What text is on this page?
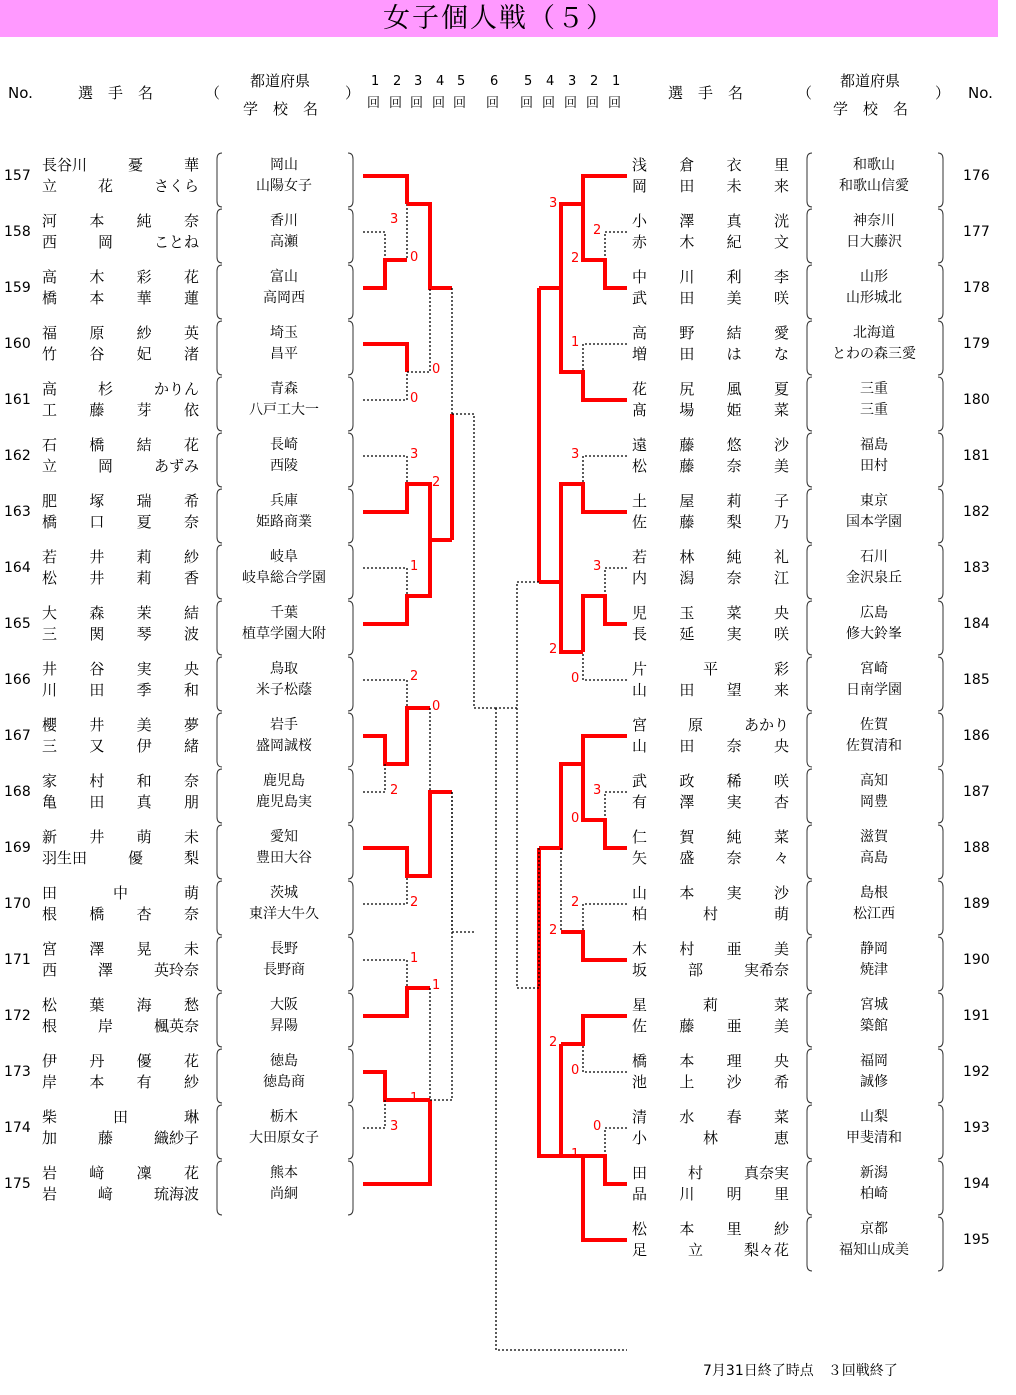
女子個人戦（５）
No.	選　手　名	（
都道府県
学　校　名
）
1
回
2
回
3
回
4
回
5
回
6
回
5
回
4
回
3
回
2
回
1
回
選　手　名	（
都道府県
学　校　名
） No.
157
長谷川	憂	華
立	花	さくら
岡山
山陽女子
158
河 本 純 奈
西	岡	ことね
香川
高瀬
159
高 木 彩 花
橋 本 華 蓮
富山
高岡西
160
福 原 紗 英
竹 谷 妃 渚
埼玉
昌平
161
高	杉	かりん
工 藤 芽 依
青森
八戸工大一
162
石 橋 結 花
立	岡	あずみ
長崎
西陵
163
肥 塚 瑞 希
橋 口 夏 奈
兵庫
姫路商業
164
若 井 莉 紗
松 井 莉 香
岐阜
岐阜総合学園
165
大 森 茉 結
三 関 琴 波
千葉
植草学園大附
166
井 谷 実 央
川 田 季 和
鳥取
米子松蔭
167
櫻 井 美 夢
三 又 伊 緒
岩手
盛岡誠桜
168
家 村 和 奈
亀 田 真 朋
鹿児島
鹿児島実
169
新 井 萌 未
羽生田	優	梨
愛知
豊田大谷
170
田	中	萌
根 橋 杏 奈
茨城
東洋大牛久
171
宮 澤 晃 未
西	澤	英玲奈
長野
長野商
172
松 葉 海 愁
根	岸	楓英奈
大阪
昇陽
173
伊 丹 優 花
岸 本 有 紗
徳島
徳島商
174
柴	田	琳
加	藤	織紗子
栃木
大田原女子
175
岩 﨑 凜 花
岩	﨑	琉海波
熊本
尚絅
浅 倉 衣 里
岡 田 未 来
和歌山
和歌山信愛
176
小 澤 真 洸
赤 木 紀 文
神奈川
日大藤沢
177
中 川 利 李
武 田 美 咲
山形
山形城北
178
高 野 結 愛
増 田 は な
北海道
とわの森三愛
179
花 尻 風 夏
髙 場 姫 菜
三重
三重
180
遠 藤 悠 沙
松 藤 奈 美
福島
田村
181
土 屋 莉 子
佐 藤 梨 乃
東京
国本学園
182
若 林 純 礼
内 潟 奈 江
石川
金沢泉丘
183
児 玉 菜 央
長 延 実 咲
広島
修大鈴峯
184
片	平	彩
山 田 望 来
宮崎
日南学園
185
宮	原	あかり
山 田 奈 央
佐賀
佐賀清和
186
武 政 稀 咲
有 澤 実 杏
高知
岡豊
187
仁 賀 純 菜
矢 盛 奈 々
滋賀
高島
188
山 本 実 沙
柏	村	萌
島根
松江西
189
木 村 亜 美
坂	部	実希奈
静岡
焼津
190
星	莉	菜
佐 藤 亜 美
宮城
築館
191
橋 本 理 央
池 上 沙 希
福岡
誠修
192
清 水 春 菜
小	林	恵
山梨
甲斐清和
193
田	村	真奈実
品 川 明 里
新潟
柏崎
194
松 本 里 紗
足	立	梨々花
京都
福知山成美
195
3
0
0
0
3
2
1
2
0
2
2
1
1
1
3
3
2
2
1
3
3
2
0
3
0
2
2
2
0
0
1
7月31日終了時点　３回戦終了
